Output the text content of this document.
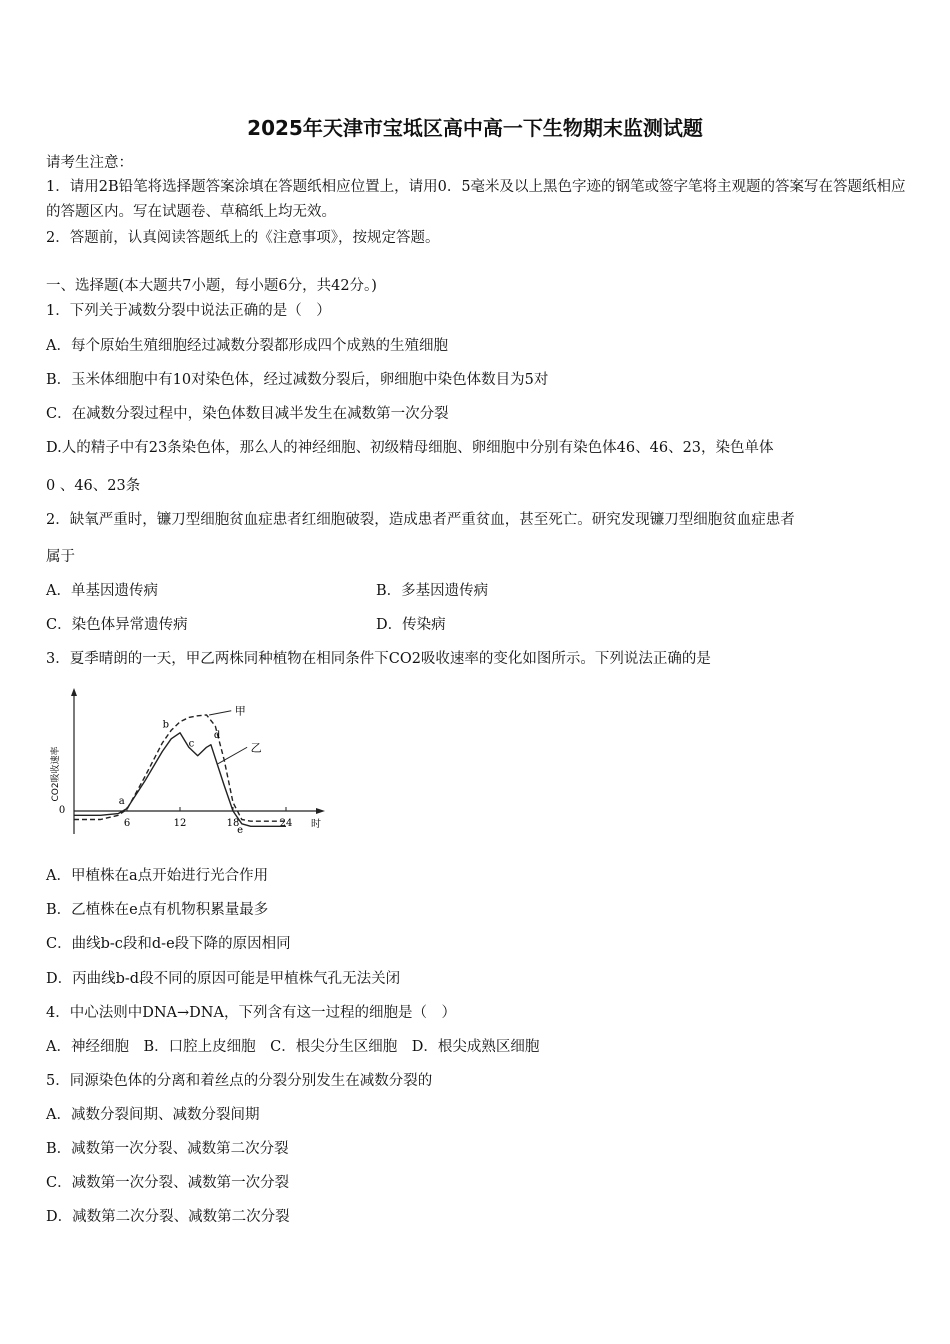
2025年天津市宝坻区高中高一下生物期末监测试题
请考生注意：
1．请用2B铅笔将选择题答案涂填在答题纸相应位置上，请用0．5毫米及以上黑色字迹的钢笔或签字笔将主观题的答案写在答题纸相应的答题区内。写在试题卷、草稿纸上均无效。
2．答题前，认真阅读答题纸上的《注意事项》，按规定答题。
一、选择题(本大题共7小题，每小题6分，共42分。)
1．下列关于减数分裂中说法正确的是（　）
A．每个原始生殖细胞经过减数分裂都形成四个成熟的生殖细胞
B．玉米体细胞中有10对染色体，经过减数分裂后，卵细胞中染色体数目为5对
C．在减数分裂过程中，染色体数目减半发生在减数第一次分裂
D.人的精子中有23条染色体，那么人的神经细胞、初级精母细胞、卵细胞中分别有染色体46、46、23，染色单体
0 、46、23条
2．缺氧严重时，镰刀型细胞贫血症患者红细胞破裂，造成患者严重贫血，甚至死亡。研究发现镰刀型细胞贫血症患者
属于
A．单基因遗传病	B．多基因遗传病
C．染色体异常遗传病	D．传染病
3．夏季晴朗的一天，甲乙两株同种植物在相同条件下CO2吸收速率的变化如图所示。下列说法正确的是
6	12	18	24
0
时
CO2吸收速率
甲
乙
a
b
c
d
e
A．甲植株在a点开始进行光合作用
B．乙植株在e点有机物积累量最多
C．曲线b-c段和d-e段下降的原因相同
D．丙曲线b-d段不同的原因可能是甲植株气孔无法关闭
4．中心法则中DNA→DNA，下列含有这一过程的细胞是（　）
A．神经细胞　B．口腔上皮细胞　C．根尖分生区细胞　D．根尖成熟区细胞
5．同源染色体的分离和着丝点的分裂分别发生在减数分裂的
A．减数分裂间期、减数分裂间期
B．减数第一次分裂、减数第二次分裂
C．减数第一次分裂、减数第一次分裂
D．减数第二次分裂、减数第二次分裂
